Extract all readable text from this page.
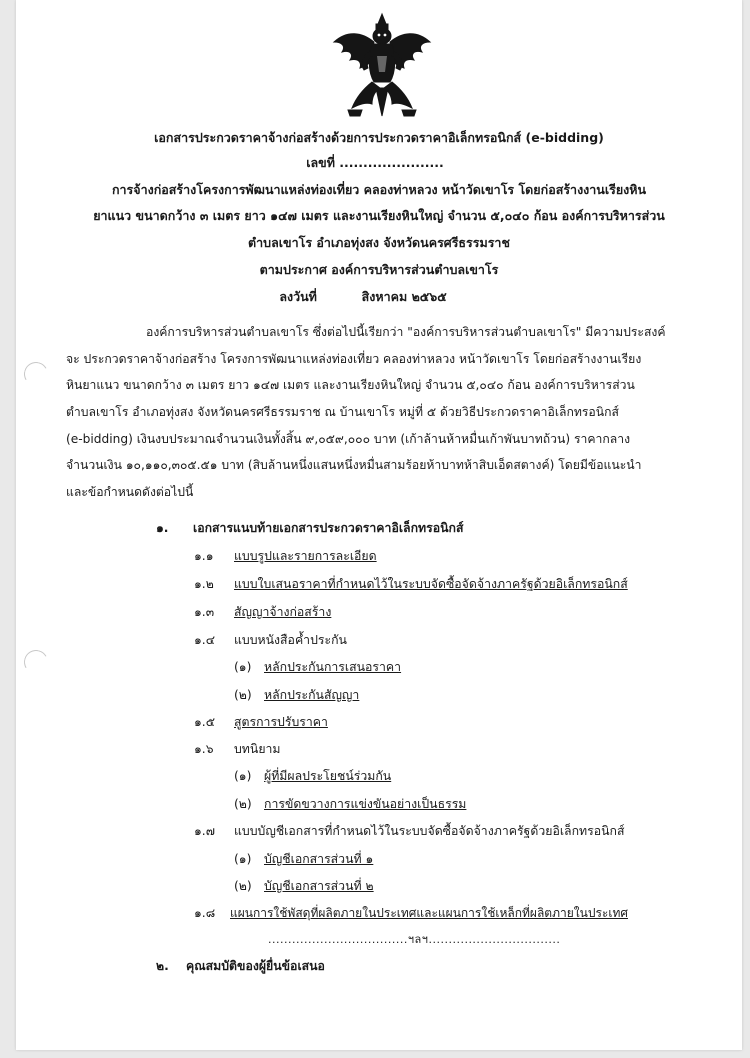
เอกสารประกวดราคาจ้างก่อสร้างด้วยการประกวดราคาอิเล็กทรอนิกส์ (e-bidding)
เลขที่ ......................
การจ้างก่อสร้างโครงการพัฒนาแหล่งท่องเที่ยว คลองท่าหลวง หน้าวัดเขาโร โดยก่อสร้างงานเรียงหิน
ยาแนว ขนาดกว้าง ๓ เมตร ยาว ๑๔๗ เมตร และงานเรียงหินใหญ่ จำนวน ๕,๐๔๐ ก้อน องค์การบริหารส่วน
ตำบลเขาโร อำเภอทุ่งสง จังหวัดนครศรีธรรมราช
ตามประกาศ องค์การบริหารส่วนตำบลเขาโร
ลงวันที่	สิงหาคม ๒๕๖๕
องค์การบริหารส่วนตำบลเขาโร ซึ่งต่อไปนี้เรียกว่า "องค์การบริหารส่วนตำบลเขาโร" มีความประสงค์
จะ ประกวดราคาจ้างก่อสร้าง โครงการพัฒนาแหล่งท่องเที่ยว คลองท่าหลวง หน้าวัดเขาโร โดยก่อสร้างงานเรียง
หินยาแนว ขนาดกว้าง ๓ เมตร ยาว ๑๔๗ เมตร และงานเรียงหินใหญ่ จำนวน ๕,๐๔๐ ก้อน องค์การบริหารส่วน
ตำบลเขาโร อำเภอทุ่งสง จังหวัดนครศรีธรรมราช ณ บ้านเขาโร หมู่ที่ ๕ ด้วยวิธีประกวดราคาอิเล็กทรอนิกส์
(e-bidding) เงินงบประมาณจำนวนเงินทั้งสิ้น ๙,๐๕๙,๐๐๐ บาท (เก้าล้านห้าหมื่นเก้าพันบาทถ้วน) ราคากลาง
จำนวนเงิน ๑๐,๑๑๐,๓๐๕.๕๑ บาท (สิบล้านหนึ่งแสนหนึ่งหมื่นสามร้อยห้าบาทห้าสิบเอ็ดสตางค์) โดยมีข้อแนะนำ
และข้อกำหนดดังต่อไปนี้
๑. เอกสารแนบท้ายเอกสารประกวดราคาอิเล็กทรอนิกส์
๑.๑ แบบรูปและรายการละเอียด
๑.๒ แบบใบเสนอราคาที่กำหนดไว้ในระบบจัดซื้อจัดจ้างภาครัฐด้วยอิเล็กทรอนิกส์
๑.๓ สัญญาจ้างก่อสร้าง
๑.๔ แบบหนังสือค้ำประกัน
(๑) หลักประกันการเสนอราคา
(๒) หลักประกันสัญญา
๑.๕ สูตรการปรับราคา
๑.๖ บทนิยาม
(๑) ผู้ที่มีผลประโยชน์ร่วมกัน
(๒) การขัดขวางการแข่งขันอย่างเป็นธรรม
๑.๗ แบบบัญชีเอกสารที่กำหนดไว้ในระบบจัดซื้อจัดจ้างภาครัฐด้วยอิเล็กทรอนิกส์
(๑) บัญชีเอกสารส่วนที่ ๑
(๒) บัญชีเอกสารส่วนที่ ๒
๑.๘ แผนการใช้พัสดุที่ผลิตภายในประเทศและแผนการใช้เหล็กที่ผลิตภายในประเทศ
...................................ฯลฯ.................................
๒. คุณสมบัติของผู้ยื่นข้อเสนอ
